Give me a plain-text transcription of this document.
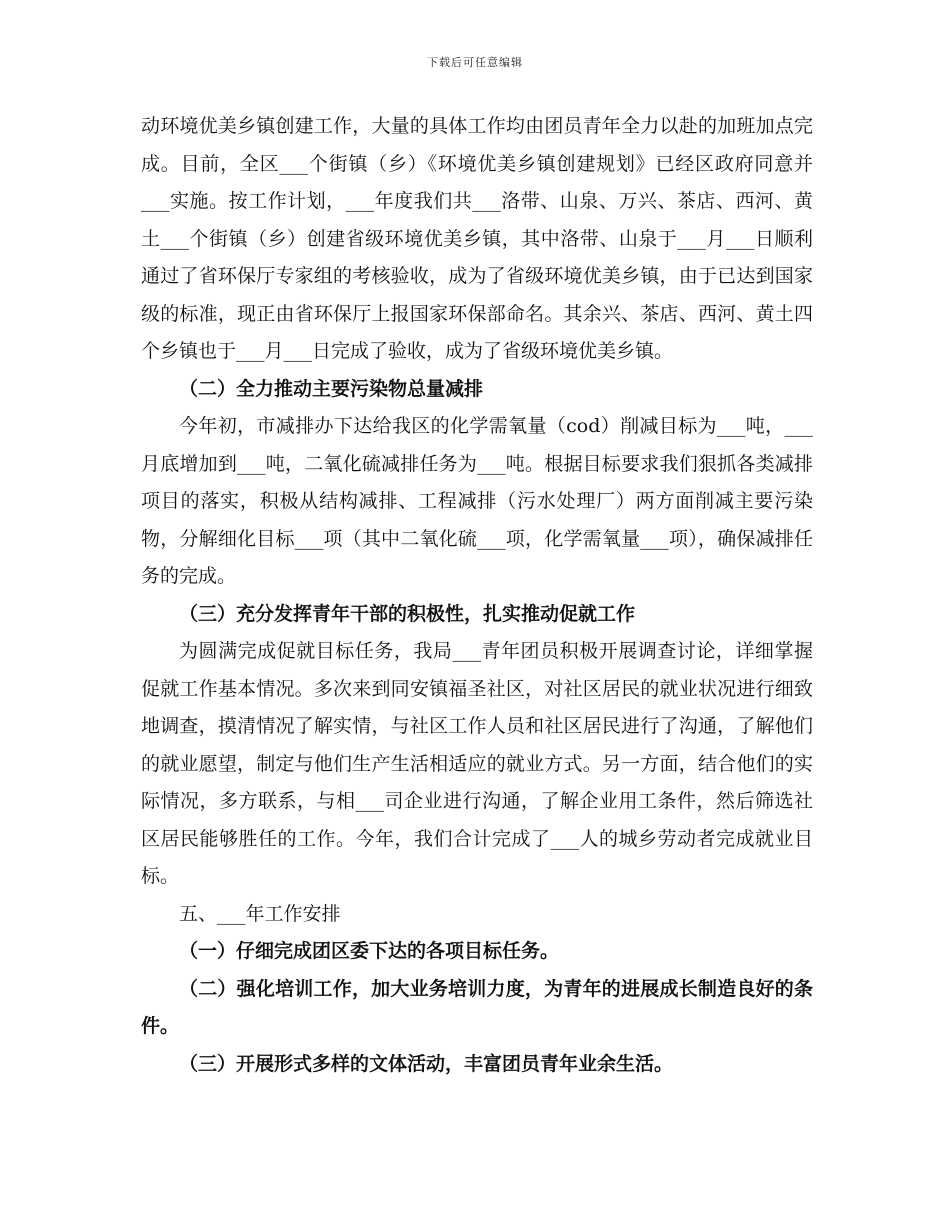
下载后可任意编辑

动环境优美乡镇创建工作，大量的具体工作均由团员青年全力以赴的加班加点完成。目前，全区___个街镇（乡）《环境优美乡镇创建规划》已经区政府同意并___实施。按工作计划，___年度我们共___洛带、山泉、万兴、茶店、西河、黄土___个街镇（乡）创建省级环境优美乡镇，其中洛带、山泉于___月___日顺利通过了省环保厅专家组的考核验收，成为了省级环境优美乡镇，由于已达到国家级的标准，现正由省环保厅上报国家环保部命名。其余兴、茶店、西河、黄土四个乡镇也于___月___日完成了验收，成为了省级环境优美乡镇。

（二）全力推动主要污染物总量减排

今年初，市减排办下达给我区的化学需氧量（cod）削减目标为___吨，___月底增加到___吨，二氧化硫减排任务为___吨。根据目标要求我们狠抓各类减排项目的落实，积极从结构减排、工程减排（污水处理厂）两方面削减主要污染物，分解细化目标___项（其中二氧化硫___项，化学需氧量___项），确保减排任务的完成。

（三）充分发挥青年干部的积极性，扎实推动促就工作

为圆满完成促就目标任务，我局___青年团员积极开展调查讨论，详细掌握促就工作基本情况。多次来到同安镇福圣社区，对社区居民的就业状况进行细致地调查，摸清情况了解实情，与社区工作人员和社区居民进行了沟通，了解他们的就业愿望，制定与他们生产生活相适应的就业方式。另一方面，结合他们的实际情况，多方联系，与相___司企业进行沟通，了解企业用工条件，然后筛选社区居民能够胜任的工作。今年，我们合计完成了___人的城乡劳动者完成就业目标。

五、___年工作安排

（一）仔细完成团区委下达的各项目标任务。

（二）强化培训工作，加大业务培训力度，为青年的进展成长制造良好的条件。

（三）开展形式多样的文体活动，丰富团员青年业余生活。
